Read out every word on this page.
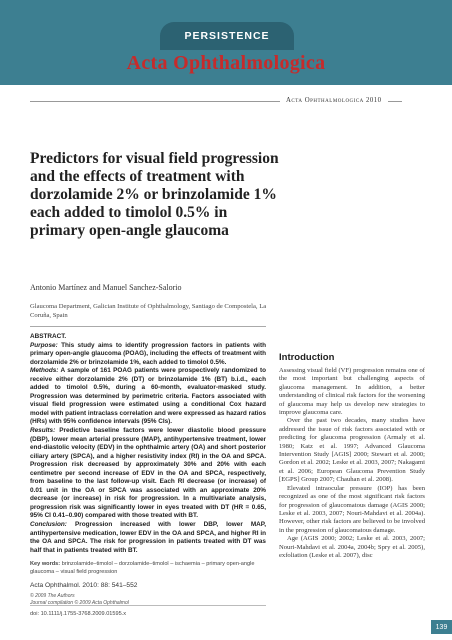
PERSISTENCE
Acta Ophthalmologica
Acta Ophthalmologica 2010
Predictors for visual field progression and the effects of treatment with dorzolamide 2% or brinzolamide 1% each added to timolol 0.5% in primary open-angle glaucoma
Antonio Martínez and Manuel Sanchez-Salorio
Glaucoma Department, Galician Institute of Ophthalmology, Santiago de Compostela, La Coruña, Spain

ABSTRACT.
Purpose: This study aims to identify progression factors in patients with primary open-angle glaucoma (POAG), including the effects of treatment with dorzolamide 2% or brinzolamide 1%, each added to timolol 0.5%.
Methods: A sample of 161 POAG patients were prospectively randomized to receive either dorzolamide 2% (DT) or brinzolamide 1% (BT) b.i.d., each added to timolol 0.5%, during a 60-month, evaluator-masked study. Progression was determined by perimetric criteria. Factors associated with visual field progression were estimated using a conditional Cox hazard model with patient intraclass correlation and were expressed as hazard ratios (HRs) with 95% confidence intervals (95% CIs).
Results: Predictive baseline factors were lower diastolic blood pressure (DBP), lower mean arterial pressure (MAP), antihypertensive treatment, lower end-diastolic velocity (EDV) in the ophthalmic artery (OA) and short posterior ciliary artery (SPCA), and a higher resistivity index (RI) in the OA and SPCA. Progression risk decreased by approximately 30% and 20% with each centimetre per second increase of EDV in the OA and SPCA, respectively, from baseline to the last follow-up visit. Each RI decrease (or increase) of 0.01 unit in the OA or SPCA was associated with an approximate 20% decrease (or increase) in risk for progression. In a multivariate analysis, progression risk was significantly lower in eyes treated with DT (HR = 0.65, 95% CI 0.41–0.90) compared with those treated with BT.
Conclusion: Progression increased with lower DBP, lower MAP, antihypertensive medication, lower EDV in the OA and SPCA, and higher RI in the OA and SPCA. The risk for progression in patients treated with DT was half that in patients treated with BT.

Key words: brinzolamide–timolol – dorzolamide–timolol – ischaemia – primary open-angle glaucoma – visual field progression
Acta Ophthalmol. 2010: 88: 541–552
© 2009 The Authors
Journal compilation © 2009 Acta Ophthalmol
doi: 10.1111/j.1755-3768.2009.01595.x
Introduction

Assessing visual field (VF) progression remains one of the most important but challenging aspects of glaucoma management. In addition, a better understanding of clinical risk factors for the worsening of glaucoma may help us develop new strategies to improve glaucoma care.

Over the past two decades, many studies have addressed the issue of risk factors associated with or predicting for glaucoma progression (Armaly et al. 1980; Katz et al. 1997; Advanced Glaucoma Intervention Study [AGIS] 2000; Stewart et al. 2000; Gordon et al. 2002; Leske et al. 2003, 2007; Nakagami et al. 2006; European Glaucoma Prevention Study [EGPS] Group 2007; Chauhan et al. 2008).

Elevated intraocular pressure (IOP) has been recognized as one of the most significant risk factors for progression of glaucomatous damage (AGIS 2000; Leske et al. 2003, 2007; Nouri-Mahdavi et al. 2004a). However, other risk factors are believed to be involved in the progression of glaucomatous damage.

Age (AGIS 2000; 2002; Leske et al. 2003, 2007; Nouri-Mahdavi et al. 2004a, 2004b; Spry et al. 2005), exfoliation (Leske et al. 2007), disc

139
